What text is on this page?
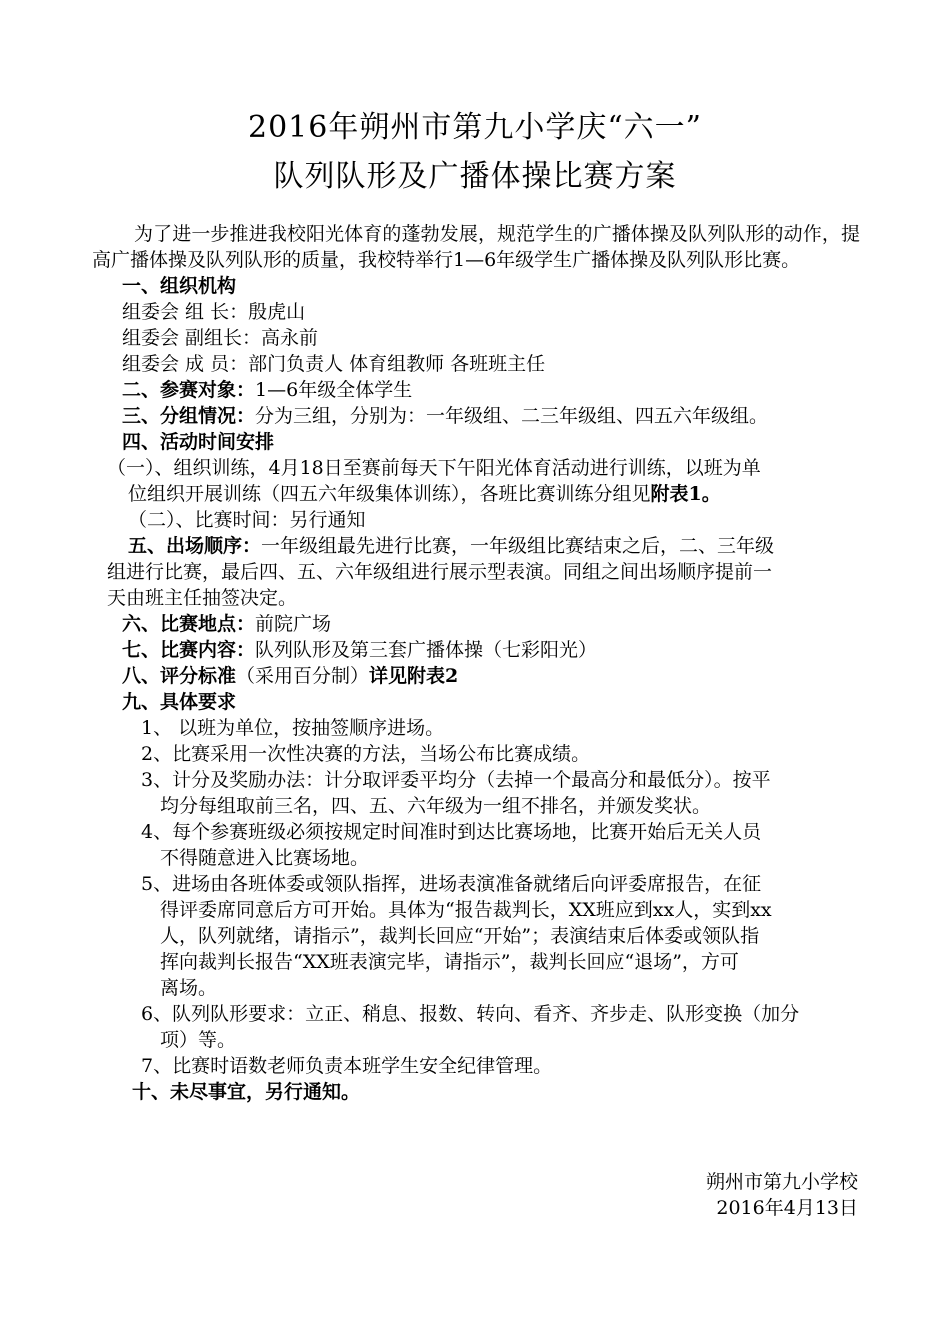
2016年朔州市第九小学庆“六一”
队列队形及广播体操比赛方案

为了进一步推进我校阳光体育的蓬勃发展，规范学生的广播体操及队列队形的动作，提高广播体操及队列队形的质量，我校特举行1—6年级学生广播体操及队列队形比赛。

一、组织机构

组委会 组 长：殷虎山

组委会 副组长：高永前

组委会 成 员：部门负责人 体育组教师 各班班主任

二、参赛对象：1—6年级全体学生

三、分组情况：分为三组，分别为：一年级组、二三年级组、四五六年级组。

四、活动时间安排

（一）、组织训练，4月18日至赛前每天下午阳光体育活动进行训练，以班为单

位组织开展训练（四五六年级集体训练），各班比赛训练分组见附表1。

（二）、比赛时间：另行通知

五、出场顺序：一年级组最先进行比赛，一年级组比赛结束之后，二、三年级

组进行比赛，最后四、五、六年级组进行展示型表演。同组之间出场顺序提前一

天由班主任抽签决定。

六、比赛地点：前院广场

七、比赛内容：队列队形及第三套广播体操（七彩阳光）

八、评分标准（采用百分制）详见附表2

九、具体要求

1、 以班为单位，按抽签顺序进场。

2、比赛采用一次性决赛的方法，当场公布比赛成绩。

3、计分及奖励办法：计分取评委平均分（去掉一个最高分和最低分）。按平

均分每组取前三名，四、五、六年级为一组不排名，并颁发奖状。

4、每个参赛班级必须按规定时间准时到达比赛场地，比赛开始后无关人员

不得随意进入比赛场地。

5、进场由各班体委或领队指挥，进场表演准备就绪后向评委席报告，在征

得评委席同意后方可开始。具体为“报告裁判长，XX班应到xx人，实到xx

人，队列就绪，请指示”，裁判长回应“开始”；表演结束后体委或领队指

挥向裁判长报告“XX班表演完毕，请指示”，裁判长回应“退场”，方可

离场。

6、队列队形要求：立正、稍息、报数、转向、看齐、齐步走、队形变换（加分

项）等。

7、比赛时语数老师负责本班学生安全纪律管理。

十、未尽事宜，另行通知。

朔州市第九小学校
2016年4月13日
